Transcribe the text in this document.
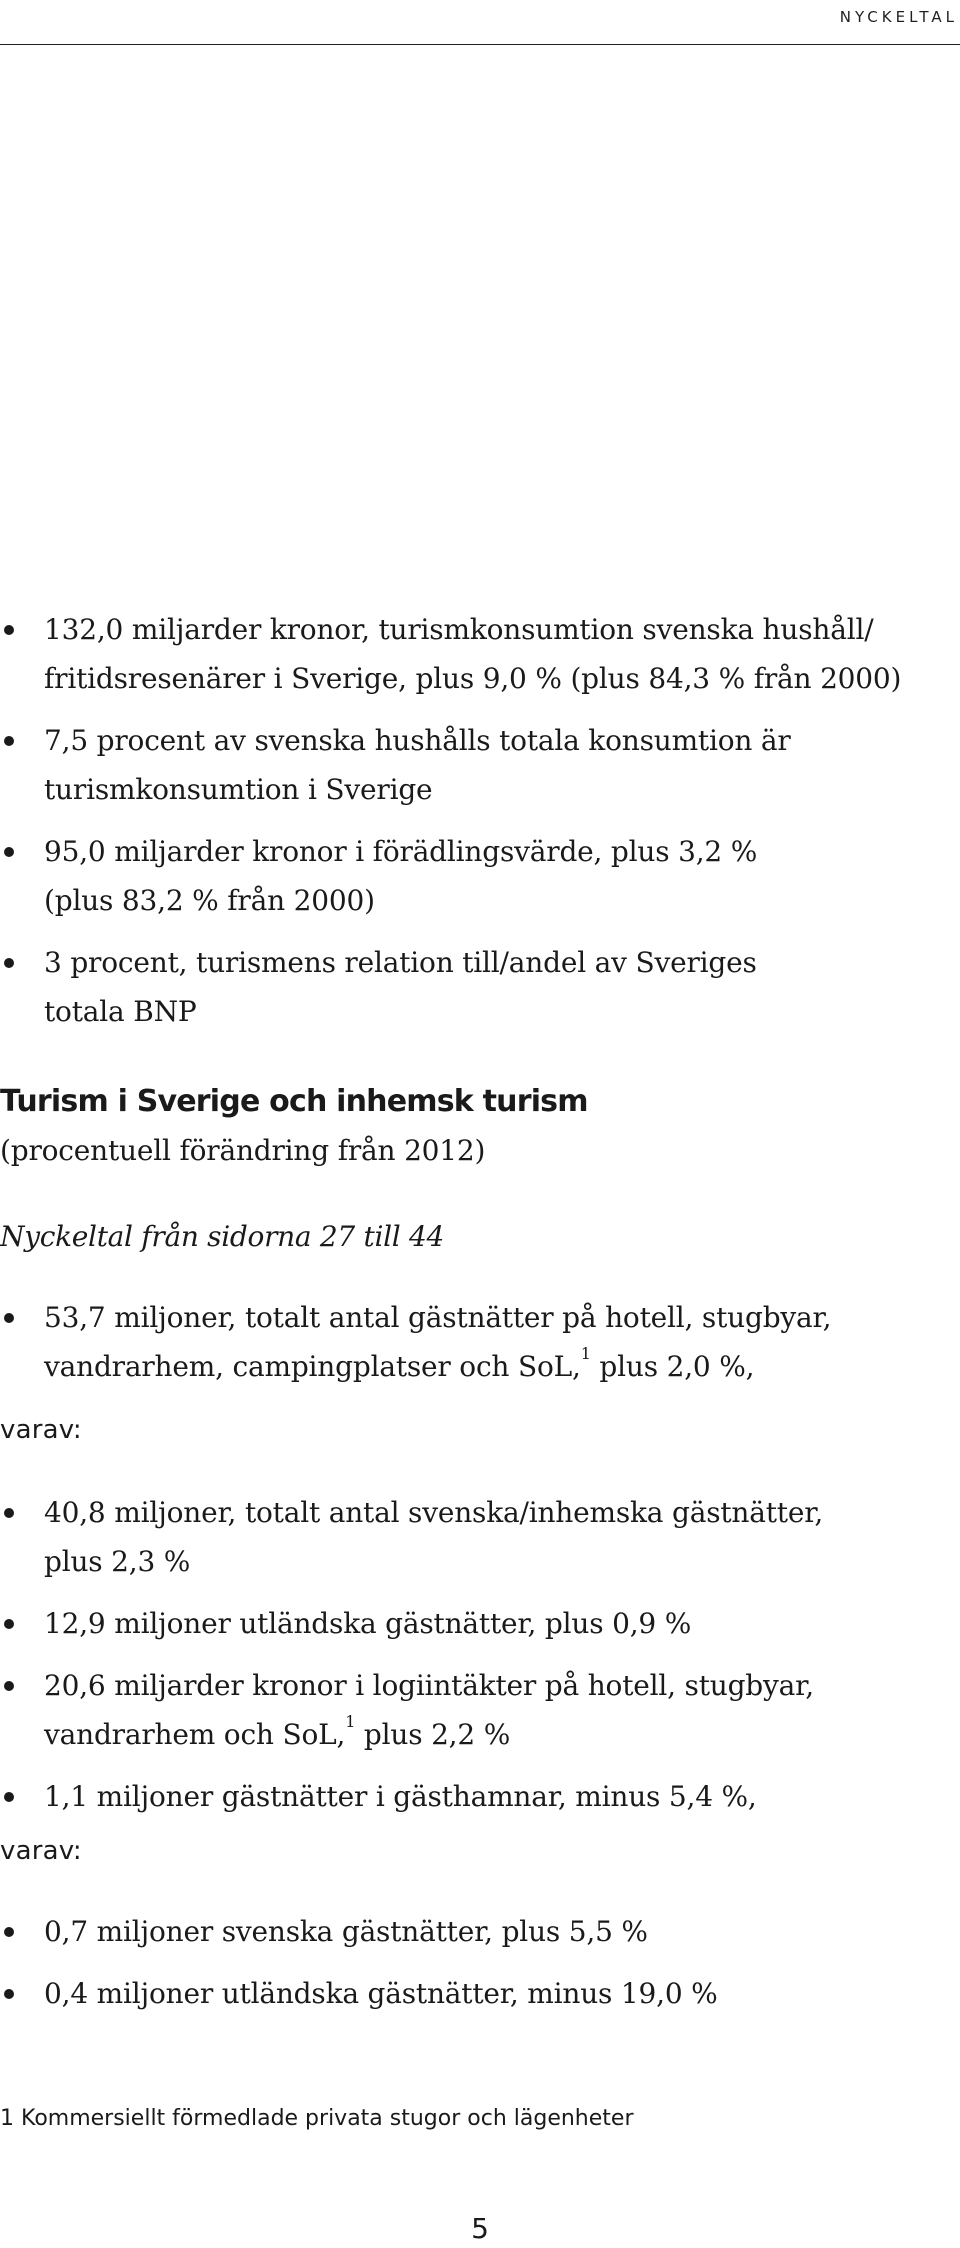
NYCKELTAL
132,0 miljarder kronor, turismkonsumtion svenska hushåll/
fritidsresenärer i Sverige, plus 9,0 % (plus 84,3 % från 2000)
7,5 procent av svenska hushålls totala konsumtion är
turismkonsumtion i Sverige
95,0 miljarder kronor i förädlingsvärde, plus 3,2 %
(plus 83,2 % från 2000)
3 procent, turismens relation till/andel av Sveriges
totala BNP
Turism i Sverige och inhemsk turism
(procentuell förändring från 2012)
Nyckeltal från sidorna 27 till 44
53,7 miljoner, totalt antal gästnätter på hotell, stugbyar,
vandrarhem, campingplatser och SoL,$^1$ plus 2,0 %,
varav:
40,8 miljoner, totalt antal svenska/inhemska gästnätter,
plus 2,3 %
12,9 miljoner utländska gästnätter, plus 0,9 %
20,6 miljarder kronor i logiintäkter på hotell, stugbyar,
vandrarhem och SoL,$^1$ plus 2,2 %
1,1 miljoner gästnätter i gästhamnar, minus 5,4 %,
varav:
0,7 miljoner svenska gästnätter, plus 5,5 %
0,4 miljoner utländska gästnätter, minus 19,0 %
1 Kommersiellt förmedlade privata stugor och lägenheter
5
